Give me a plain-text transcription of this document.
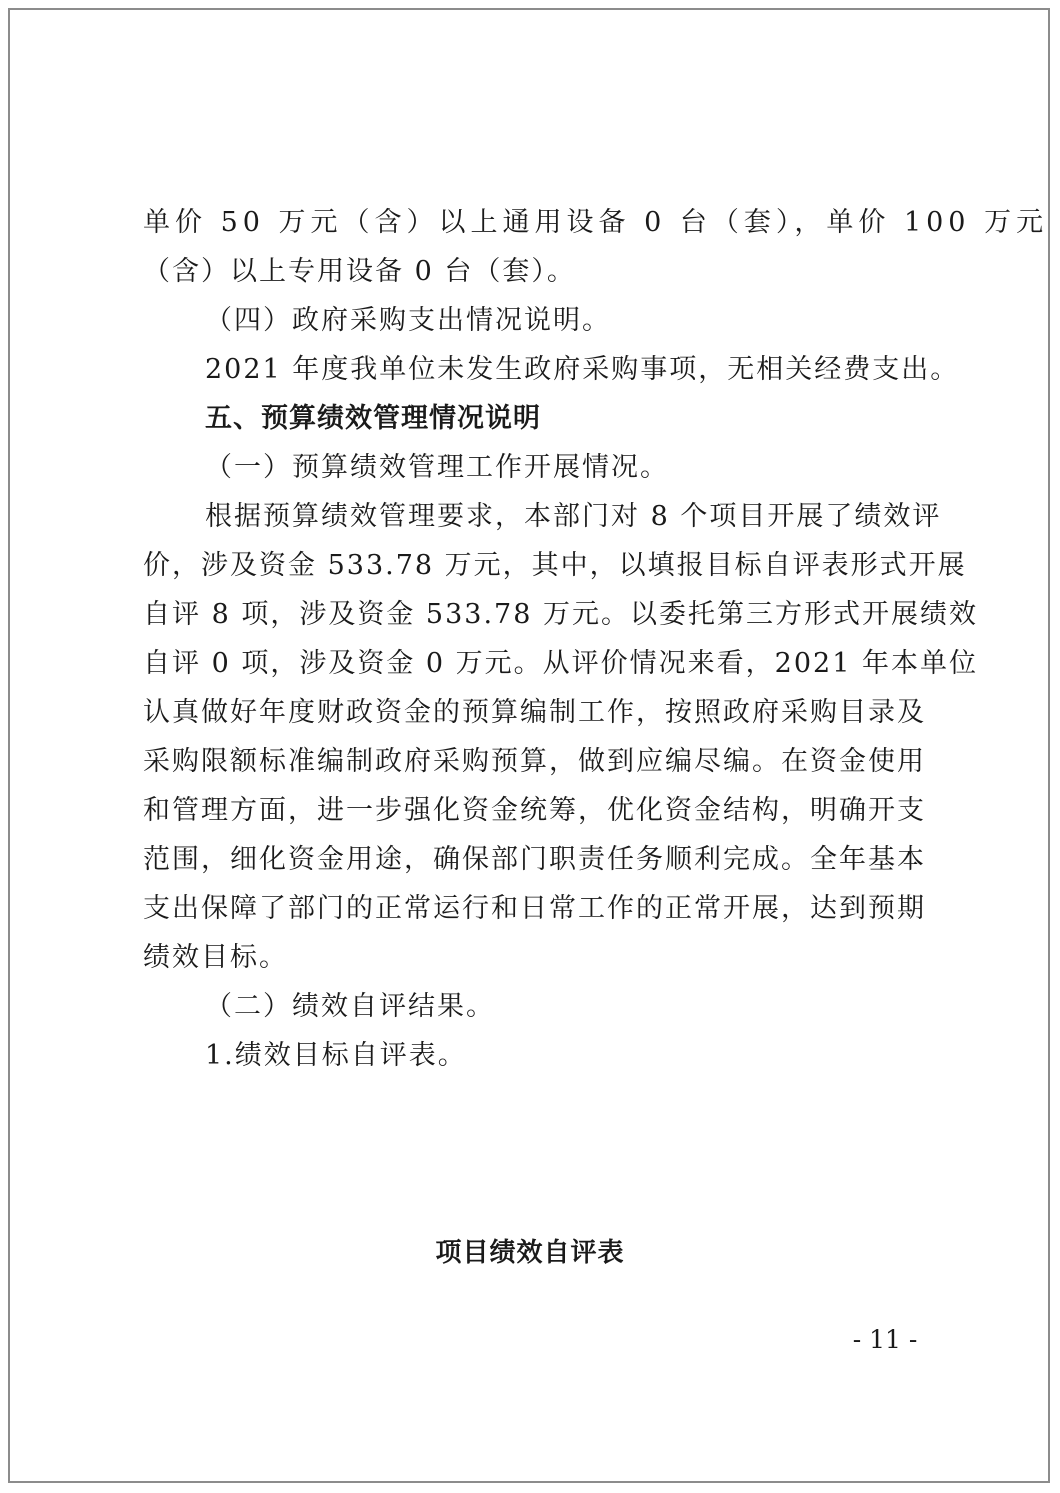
单价 50 万元（含）以上通用设备 0 台（套），单价 100 万元
（含）以上专用设备 0 台（套）。
（四）政府采购支出情况说明。
2021 年度我单位未发生政府采购事项，无相关经费支出。
五、预算绩效管理情况说明
（一）预算绩效管理工作开展情况。
根据预算绩效管理要求，本部门对 8 个项目开展了绩效评
价，涉及资金 533.78 万元，其中，以填报目标自评表形式开展
自评 8 项，涉及资金 533.78 万元。以委托第三方形式开展绩效
自评 0 项，涉及资金 0 万元。从评价情况来看，2021 年本单位
认真做好年度财政资金的预算编制工作，按照政府采购目录及
采购限额标准编制政府采购预算，做到应编尽编。在资金使用
和管理方面，进一步强化资金统筹，优化资金结构，明确开支
范围，细化资金用途，确保部门职责任务顺利完成。全年基本
支出保障了部门的正常运行和日常工作的正常开展，达到预期
绩效目标。
（二）绩效自评结果。
1.绩效目标自评表。
项目绩效自评表
- 11 -
